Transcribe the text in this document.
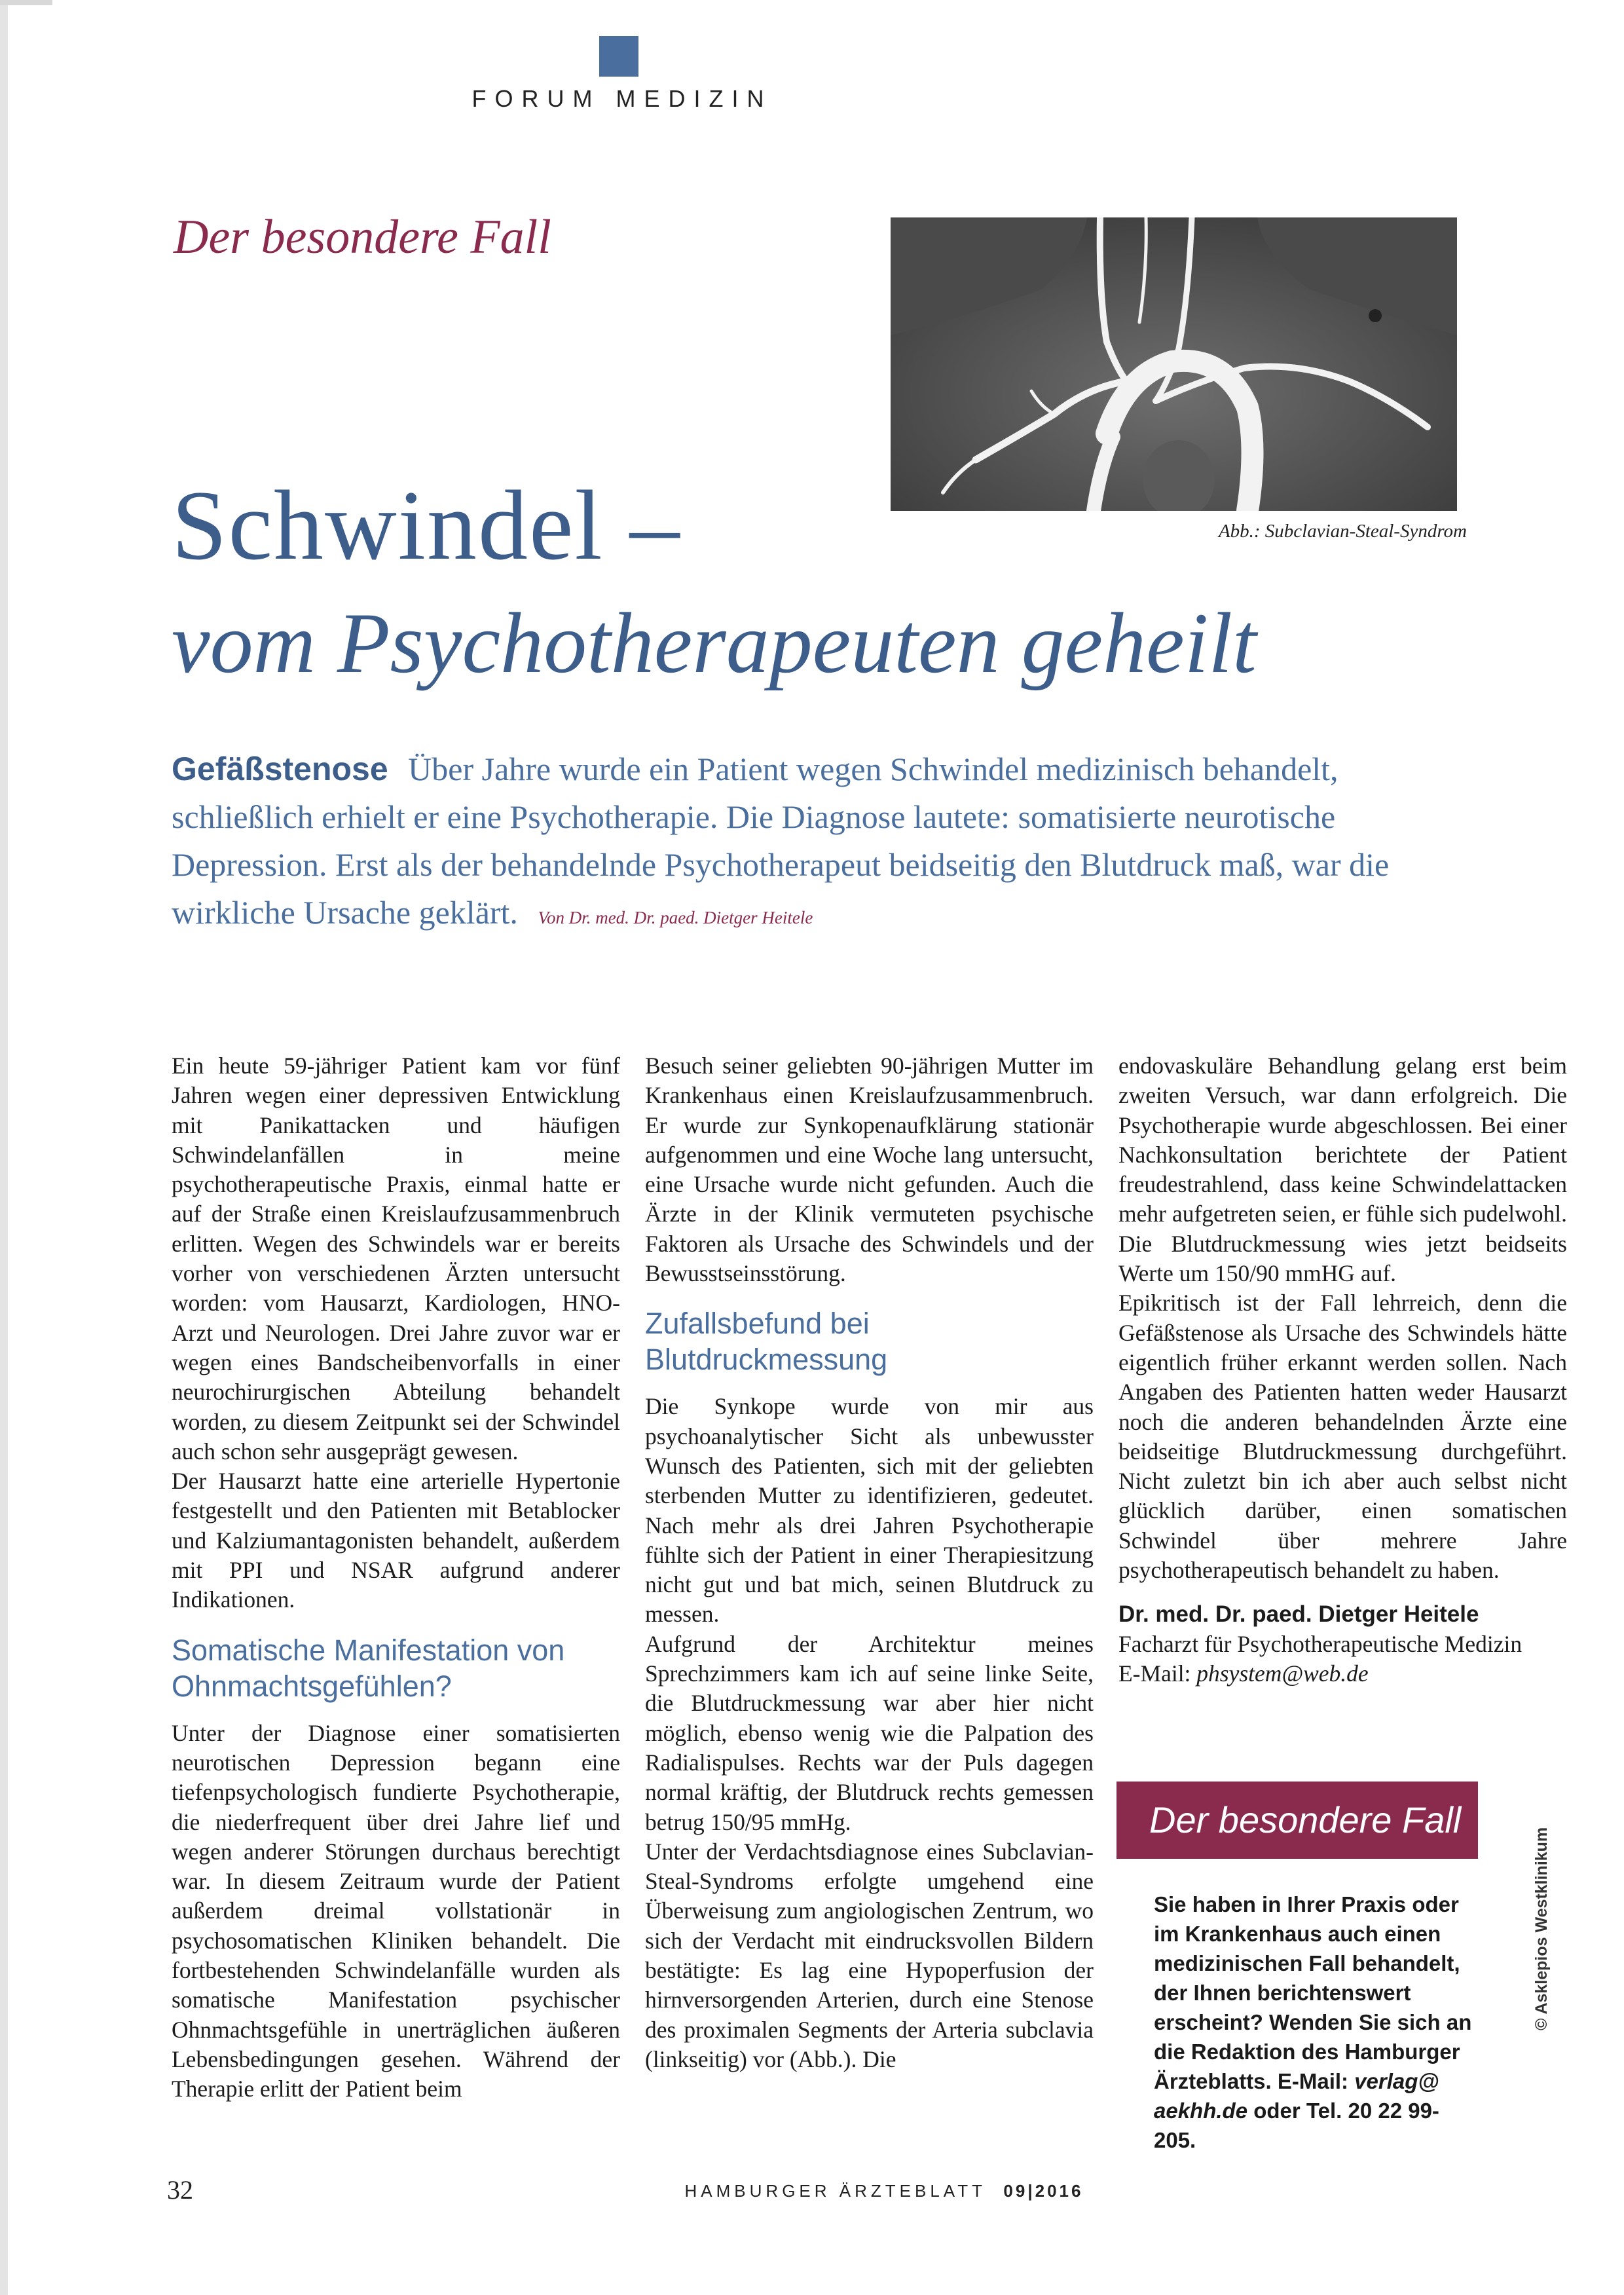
FORUM MEDIZIN
Der besondere Fall
Abb.: Subclavian-Steal-Syndrom
Schwindel –
vom Psychotherapeuten geheilt
Gefäßstenose Über Jahre wurde ein Patient wegen Schwindel medizinisch behandelt, schließlich erhielt er eine Psychotherapie. Die Diagnose lautete: somatisierte neurotische Depression. Erst als der behandelnde Psychotherapeut beidseitig den Blutdruck maß, war die wirkliche Ursache geklärt. Von Dr. med. Dr. paed. Dietger Heitele

Ein heute 59-jähriger Patient kam vor fünf Jahren wegen einer depressiven Entwicklung mit Panikattacken und häufigen Schwindelanfällen in meine psychotherapeutische Praxis, einmal hatte er auf der Straße einen Kreislaufzusammenbruch erlitten. Wegen des Schwindels war er bereits vorher von verschiedenen Ärzten untersucht worden: vom Hausarzt, Kardiologen, HNO-Arzt und Neurologen. Drei Jahre zuvor war er wegen eines Bandscheibenvorfalls in einer neurochirurgischen Abteilung behandelt worden, zu diesem Zeitpunkt sei der Schwindel auch schon sehr ausgeprägt gewesen.

Der Hausarzt hatte eine arterielle Hypertonie festgestellt und den Patienten mit Betablocker und Kalziumantagonisten behandelt, außerdem mit PPI und NSAR aufgrund anderer Indikationen.

Somatische Manifestation von Ohnmachtsgefühlen?

Unter der Diagnose einer somatisierten neurotischen Depression begann eine tiefenpsychologisch fundierte Psychotherapie, die niederfrequent über drei Jahre lief und wegen anderer Störungen durchaus berechtigt war. In diesem Zeitraum wurde der Patient außerdem dreimal vollstationär in psychosomatischen Kliniken behandelt. Die fortbestehenden Schwindelanfälle wurden als somatische Manifestation psychischer Ohnmachtsgefühle in unerträglichen äußeren Lebensbedingungen gesehen. Während der Therapie erlitt der Patient beim

Besuch seiner geliebten 90-jährigen Mutter im Krankenhaus einen Kreislaufzusammenbruch. Er wurde zur Synkopenaufklärung stationär aufgenommen und eine Woche lang untersucht, eine Ursache wurde nicht gefunden. Auch die Ärzte in der Klinik vermuteten psychische Faktoren als Ursache des Schwindels und der Bewusstseinsstörung.

Zufallsbefund bei Blutdruckmessung

Die Synkope wurde von mir aus psychoanalytischer Sicht als unbewusster Wunsch des Patienten, sich mit der geliebten sterbenden Mutter zu identifizieren, gedeutet. Nach mehr als drei Jahren Psychotherapie fühlte sich der Patient in einer Therapiesitzung nicht gut und bat mich, seinen Blutdruck zu messen.

Aufgrund der Architektur meines Sprechzimmers kam ich auf seine linke Seite, die Blutdruckmessung war aber hier nicht möglich, ebenso wenig wie die Palpation des Radialispulses. Rechts war der Puls dagegen normal kräftig, der Blutdruck rechts gemessen betrug 150/95 mmHg.

Unter der Verdachtsdiagnose eines Subclavian-Steal-Syndroms erfolgte umgehend eine Überweisung zum angiologischen Zentrum, wo sich der Verdacht mit eindrucksvollen Bildern bestätigte: Es lag eine Hypoperfusion der hirnversorgenden Arterien, durch eine Stenose des proximalen Segments der Arteria subclavia (linkseitig) vor (Abb.). Die

endovaskuläre Behandlung gelang erst beim zweiten Versuch, war dann erfolgreich. Die Psychotherapie wurde abgeschlossen. Bei einer Nachkonsultation berichtete der Patient freudestrahlend, dass keine Schwindelattacken mehr aufgetreten seien, er fühle sich pudelwohl. Die Blutdruckmessung wies jetzt beidseits Werte um 150/90 mmHG auf.

Epikritisch ist der Fall lehrreich, denn die Gefäßstenose als Ursache des Schwindels hätte eigentlich früher erkannt werden sollen. Nach Angaben des Patienten hatten weder Hausarzt noch die anderen behandelnden Ärzte eine beidseitige Blutdruckmessung durchgeführt. Nicht zuletzt bin ich aber auch selbst nicht glücklich darüber, einen somatischen Schwindel über mehrere Jahre psychotherapeutisch behandelt zu haben.

Dr. med. Dr. paed. Dietger Heitele
Facharzt für Psychotherapeutische Medizin
E-Mail: phsystem@web.de
Der besondere Fall
Sie haben in Ihrer Praxis oder im Krankenhaus auch einen medizinischen Fall behandelt, der Ihnen berichtenswert erscheint? Wenden Sie sich an die Redaktion des Hamburger Ärzteblatts. E-Mail: verlag@ aekhh.de oder Tel. 20 22 99-205.
© Asklepios Westklinikum
32	HAMBURGER ÄRZTEBLATT 09|2016
